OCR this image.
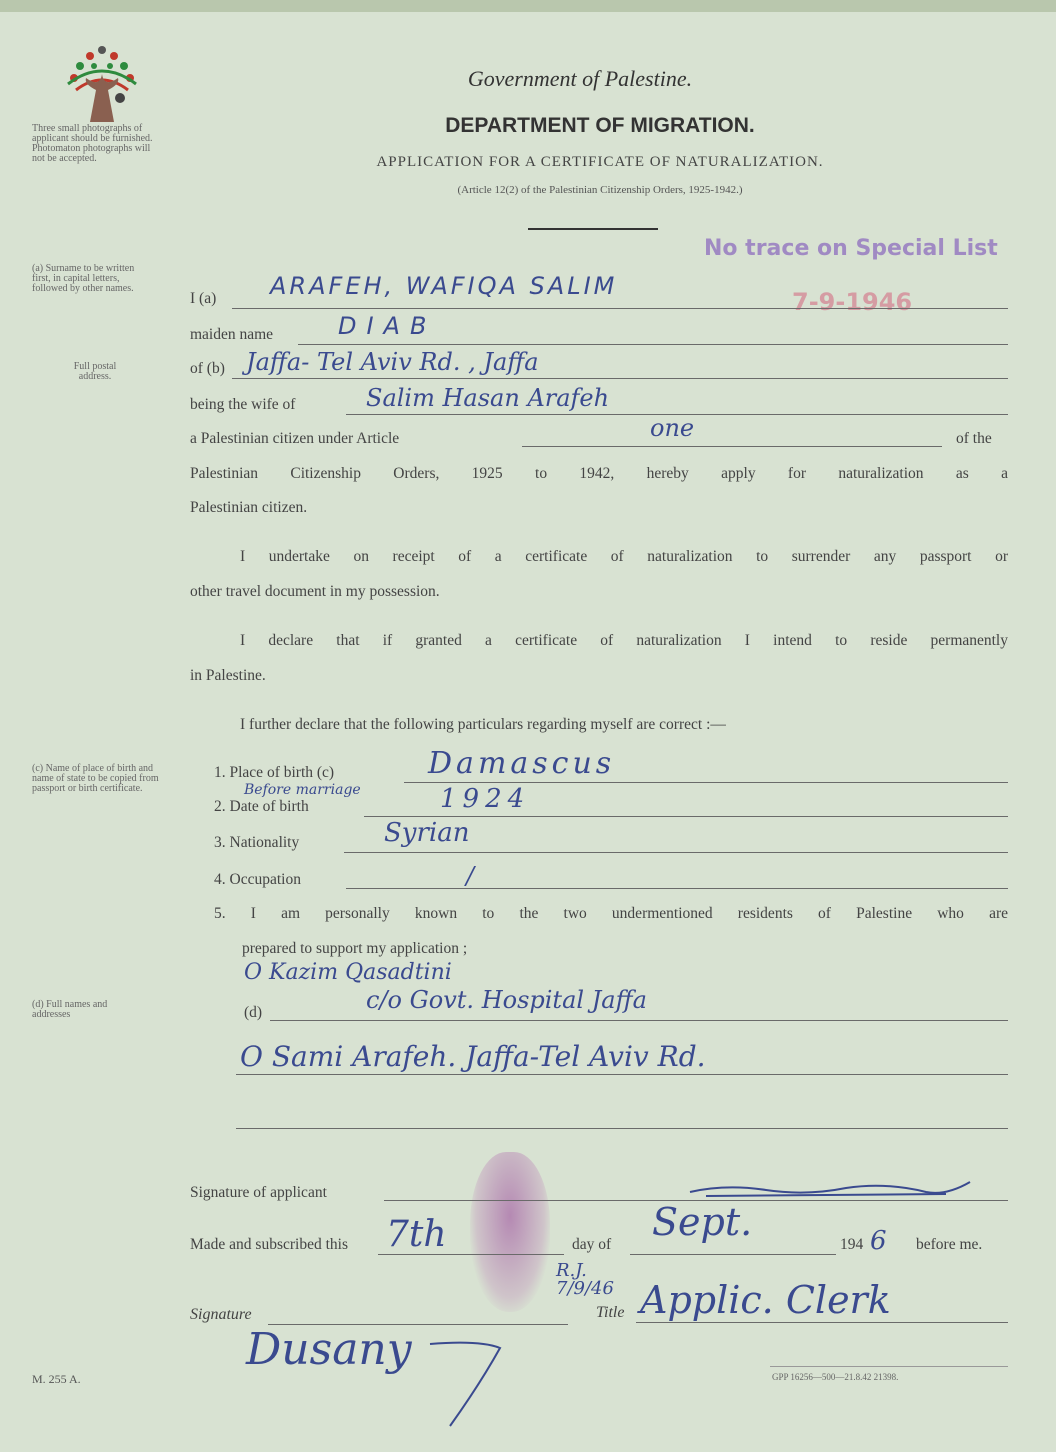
Three small photographs of applicant should be furnished. Photomaton photographs will not be accepted.
(a) Surname to be written first, in capital letters, followed by other names.
Full postal address.
(c) Name of place of birth and name of state to be copied from passport or birth certificate.
(d) Full names and addresses
Government of Palestine.
DEPARTMENT OF MIGRATION.
APPLICATION FOR A CERTIFICATE OF NATURALIZATION.
(Article 12(2) of the Palestinian Citizenship Orders, 1925-1942.)
No trace on Special List
7-9-1946
I (a) ARAFEH, WAFIQA SALIM
maiden name	DIAB
of (b) Jaffa- Tel Aviv Rd. , Jaffa
being the wife of	Salim Hasan Arafeh
a Palestinian citizen under Article	one	of the
Palestinian Citizenship Orders, 1925 to 1942, hereby apply for naturalization as a
Palestinian citizen.
I undertake on receipt of a certificate of naturalization to surrender any passport or
other travel document in my possession.
I declare that if granted a certificate of naturalization I intend to reside permanently
in Palestine.
I further declare that the following particulars regarding myself are correct :—
1. Place of birth (c)	Damascus
2. Date of birth
Before marriage	1924
3. Nationality	Syrian
4. Occupation	/
5. I am personally known to the two undermentioned residents of Palestine who are
prepared to support my application ;
O Kazim Qasadtini
(d)	c/o Govt. Hospital Jaffa
O Sami Arafeh. Jaffa-Tel Aviv Rd.
Signature of applicant
Made and subscribed this 7th	day of
Sept.
194 6 before me.
R.J. 7/9/46
Signature
Dusany
Title Applic. Clerk
M. 255 A.	GPP 16256—500—21.8.42 21398.
